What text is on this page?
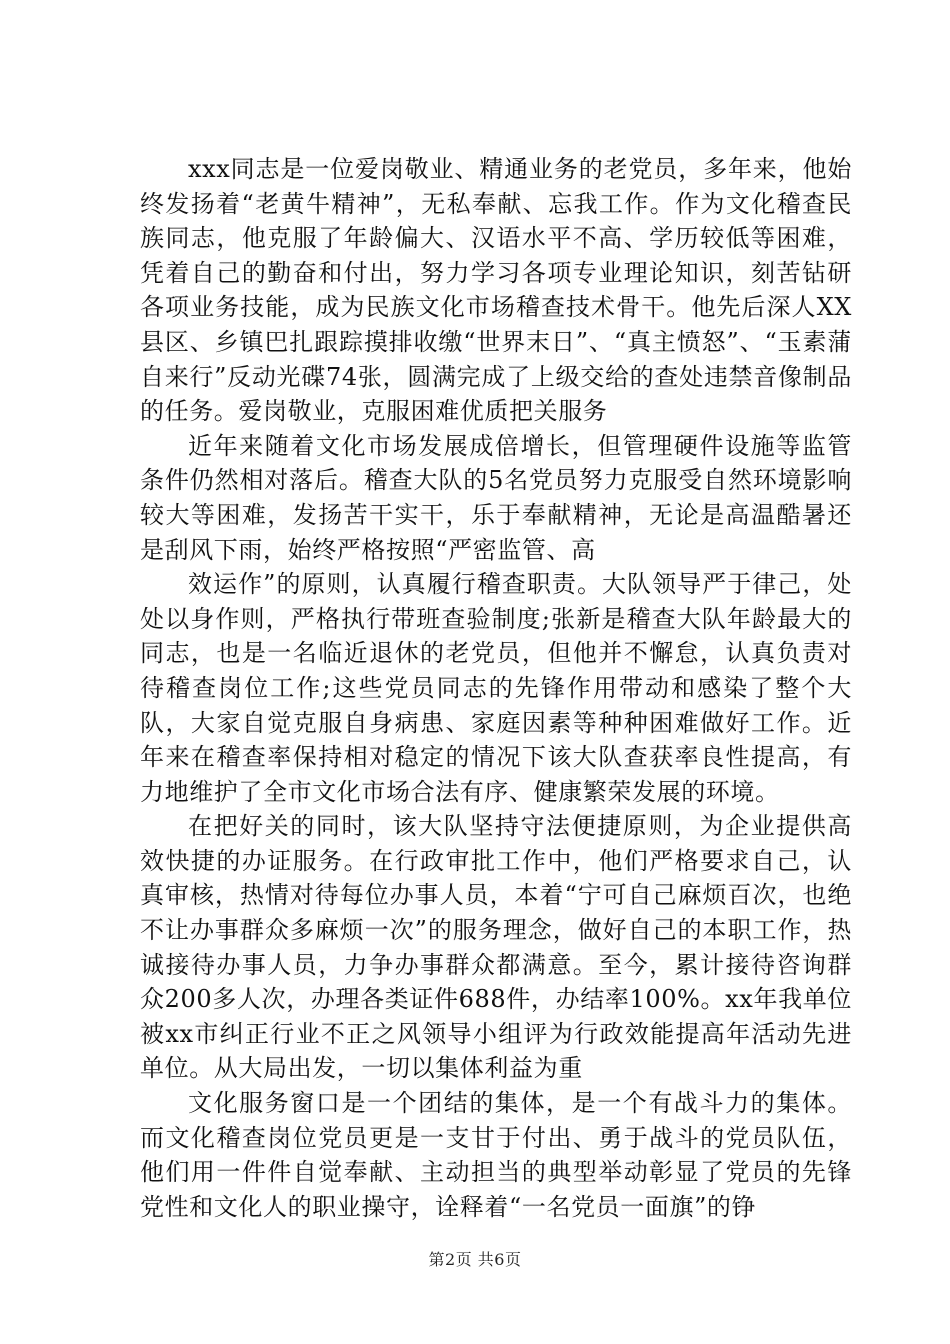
xxx同志是一位爱岗敬业、精通业务的老党员，多年来，他始终发扬着“老黄牛精神”，无私奉献、忘我工作。作为文化稽查民族同志，他克服了年龄偏大、汉语水平不高、学历较低等困难，凭着自己的勤奋和付出，努力学习各项专业理论知识，刻苦钻研各项业务技能，成为民族文化市场稽查技术骨干。他先后深人XX县区、乡镇巴扎跟踪摸排收缴“世界末日”、“真主愤怒”、“玉素蒲自来行”反动光碟74张，圆满完成了上级交给的查处违禁音像制品的任务。爱岗敬业，克服困难优质把关服务

近年来随着文化市场发展成倍增长，但管理硬件设施等监管条件仍然相对落后。稽查大队的5名党员努力克服受自然环境影响较大等困难，发扬苦干实干，乐于奉献精神，无论是高温酷暑还是刮风下雨，始终严格按照“严密监管、高

效运作”的原则，认真履行稽查职责。大队领导严于律己，处处以身作则，严格执行带班查验制度;张新是稽查大队年龄最大的同志，也是一名临近退休的老党员，但他并不懈怠，认真负责对待稽查岗位工作;这些党员同志的先锋作用带动和感染了整个大队，大家自觉克服自身病患、家庭因素等种种困难做好工作。近年来在稽查率保持相对稳定的情况下该大队查获率良性提高，有力地维护了全市文化市场合法有序、健康繁荣发展的环境。

在把好关的同时，该大队坚持守法便捷原则，为企业提供高效快捷的办证服务。在行政审批工作中，他们严格要求自己，认真审核，热情对待每位办事人员，本着“宁可自己麻烦百次，也绝不让办事群众多麻烦一次”的服务理念，做好自己的本职工作，热诚接待办事人员，力争办事群众都满意。至今，累计接待咨询群众200多人次，办理各类证件688件，办结率100%。xx年我单位被xx市纠正行业不正之风领导小组评为行政效能提高年活动先进单位。从大局出发，一切以集体利益为重

文化服务窗口是一个团结的集体，是一个有战斗力的集体。而文化稽查岗位党员更是一支甘于付出、勇于战斗的党员队伍，他们用一件件自觉奉献、主动担当的典型举动彰显了党员的先锋党性和文化人的职业操守，诠释着“一名党员一面旗”的铮

第2页 共6页
